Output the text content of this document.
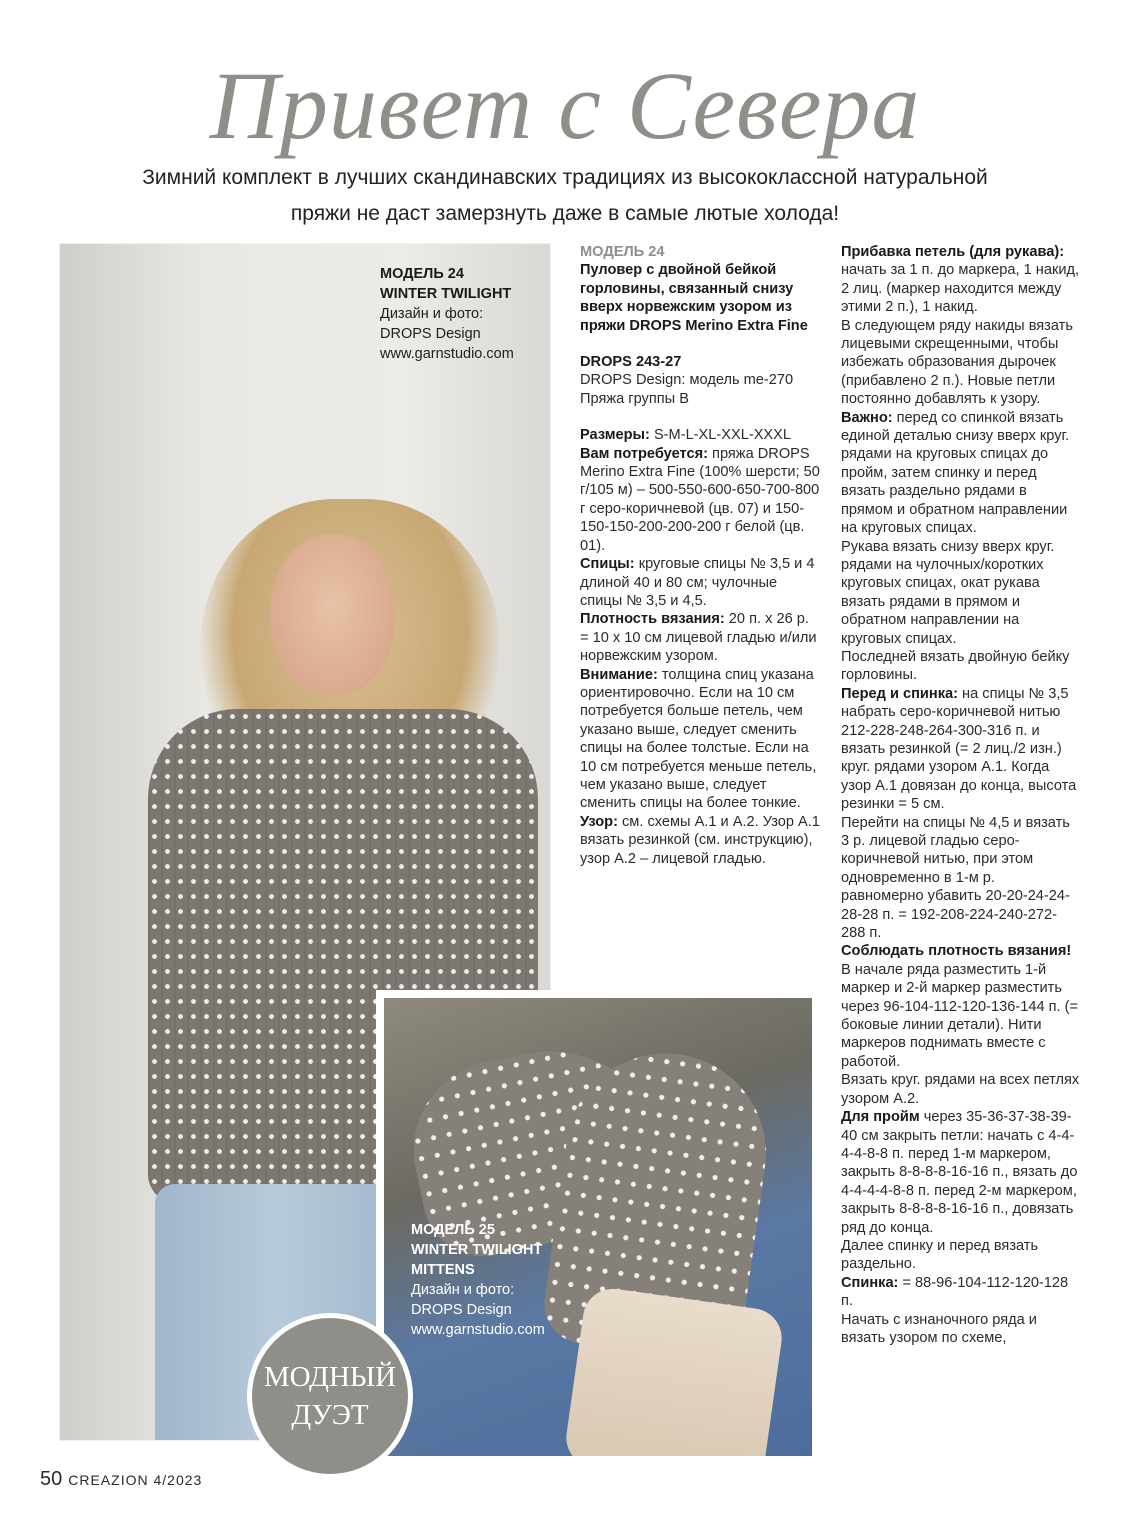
Привет с Севера
Зимний комплект в лучших скандинавских традициях из высококлассной натуральной пряжи не даст замерзнуть даже в самые лютые холода!
МОДЕЛЬ 24
WINTER TWILIGHT
Дизайн и фото:
DROPS Design
www.garnstudio.com
МОДЕЛЬ 25
WINTER TWILIGHT
MITTENS
Дизайн и фото:
DROPS Design
www.garnstudio.com
МОДНЫЙ
ДУЭТ
МОДЕЛЬ 24
Пуловер с двойной бейкой горловины, связанный снизу вверх норвежским узором из пряжи DROPS Merino Extra Fine
DROPS 243-27
DROPS Design: модель me-270
Пряжа группы В

Размеры: S-M-L-XL-XXL-XXXL

Вам потребуется: пряжа DROPS Merino Extra Fine (100% шерсти; 50 г/105 м) – 500-550-600-650-700-800 г серо-коричневой (цв. 07) и 150-150-150-200-200-200 г белой (цв. 01).

Спицы: круговые спицы № 3,5 и 4 длиной 40 и 80 см; чулочные спицы № 3,5 и 4,5.

Плотность вязания: 20 п. х 26 р. = 10 х 10 см лицевой гладью и/или норвежским узором.

Внимание: толщина спиц указана ориентировочно. Если на 10 см потребуется больше петель, чем указано выше, следует сменить спицы на более толстые. Если на 10 см потребуется меньше петель, чем указано выше, следует сменить спицы на более тонкие.

Узор: см. схемы А.1 и А.2. Узор А.1 вязать резинкой (см. инструкцию), узор А.2 – лицевой гладью.

Прибавка петель (для рукава): начать за 1 п. до маркера, 1 накид, 2 лиц. (маркер находится между этими 2 п.), 1 накид.

В следующем ряду накиды вязать лицевыми скрещенными, чтобы избежать образования дырочек (прибавлено 2 п.). Новые петли постоянно добавлять к узору.

Важно: перед со спинкой вязать единой деталью снизу вверх круг. рядами на круговых спицах до пройм, затем спинку и перед вязать раздельно рядами в прямом и обратном направлении на круговых спицах.

Рукава вязать снизу вверх круг. рядами на чулочных/коротких круговых спицах, окат рукава вязать рядами в прямом и обратном направлении на круговых спицах.

Последней вязать двойную бейку горловины.

Перед и спинка: на спицы № 3,5 набрать серо-коричневой нитью 212-228-248-264-300-316 п. и вязать резинкой (= 2 лиц./2 изн.) круг. рядами узором А.1. Когда узор А.1 довязан до конца, высота резинки = 5 см.

Перейти на спицы № 4,5 и вязать 3 р. лицевой гладью серо-коричневой нитью, при этом одновременно в 1-м р. равномерно убавить 20-20-24-24-28-28 п. = 192-208-224-240-272-288 п.

Соблюдать плотность вязания!

В начале ряда разместить 1-й маркер и 2-й маркер разместить через 96-104-112-120-136-144 п. (= боковые линии детали). Нити маркеров поднимать вместе с работой.

Вязать круг. рядами на всех петлях узором А.2.

Для пройм через 35-36-37-38-39-40 см закрыть петли: начать с 4-4-4-4-8-8 п. перед 1-м маркером, закрыть 8-8-8-8-16-16 п., вязать до 4-4-4-4-8-8 п. перед 2-м маркером, закрыть 8-8-8-8-16-16 п., довязать ряд до конца.

Далее спинку и перед вязать раздельно.

Спинка: = 88-96-104-112-120-128 п.

Начать с изнаночного ряда и вязать узором по схеме,

50 CREAZION 4/2023
